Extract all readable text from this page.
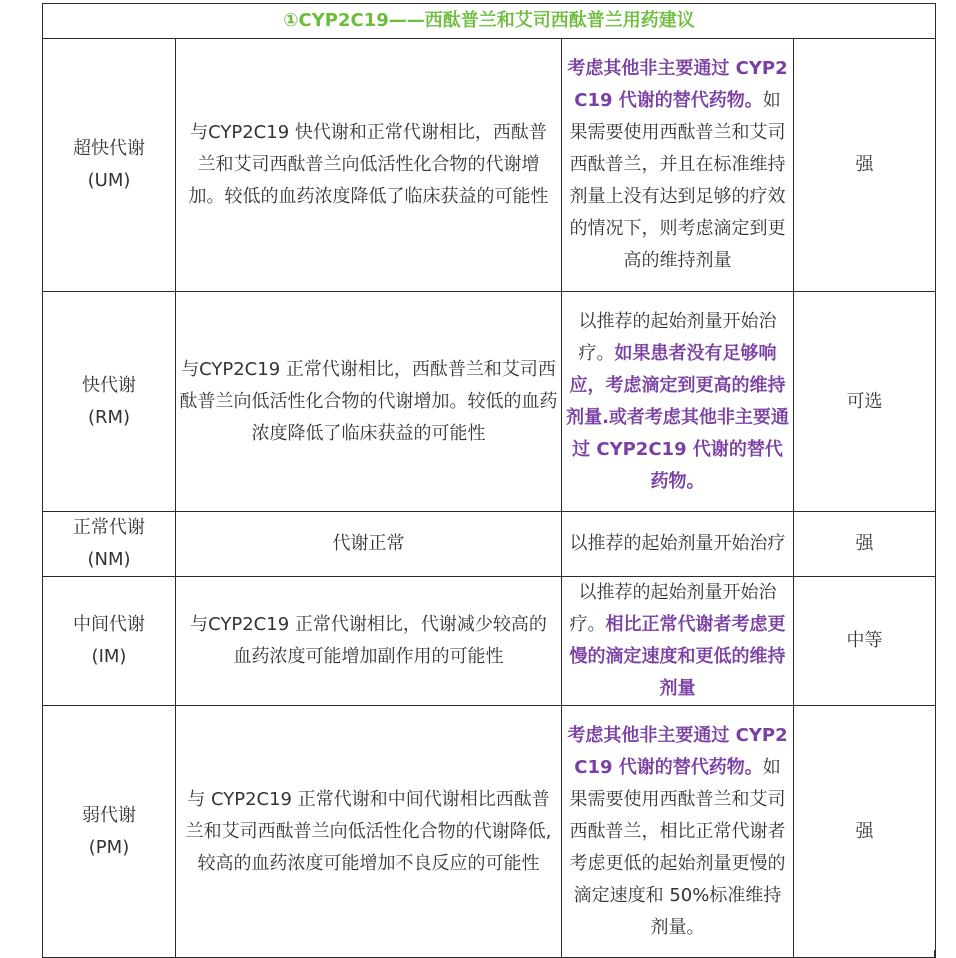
①CYP2C19——西酞普兰和艾司西酞普兰用药建议			

超快代谢
(UM)	与CYP2C19 快代谢和正常代谢相比，西酞普兰和艾司西酞普兰向低活性化合物的代谢增加。较低的血药浓度降低了临床获益的可能性	考虑其他非主要通过 CYP2C19 代谢的替代药物。如果需要使用西酞普兰和艾司西酞普兰，并且在标准维持剂量上没有达到足够的疗效的情况下，则考虑滴定到更高的维持剂量	强

快代谢
(RM)	与CYP2C19 正常代谢相比，西酞普兰和艾司西酞普兰向低活性化合物的代谢增加。较低的血药浓度降低了临床获益的可能性	以推荐的起始剂量开始治疗。如果患者没有足够响应，考虑滴定到更高的维持剂量.或者考虑其他非主要通过 CYP2C19 代谢的替代药物。	可选

正常代谢
(NM)	代谢正常	以推荐的起始剂量开始治疗	强

中间代谢
(IM)	与CYP2C19 正常代谢相比，代谢减少较高的血药浓度可能增加副作用的可能性	以推荐的起始剂量开始治疗。相比正常代谢者考虑更慢的滴定速度和更低的维持剂量	中等

弱代谢
(PM)	与 CYP2C19 正常代谢和中间代谢相比西酞普兰和艾司西酞普兰向低活性化合物的代谢降低,较高的血药浓度可能增加不良反应的可能性	考虑其他非主要通过 CYP2C19 代谢的替代药物。如果需要使用西酞普兰和艾司西酞普兰，相比正常代谢者考虑更低的起始剂量更慢的滴定速度和 50%标准维持剂量。	强
